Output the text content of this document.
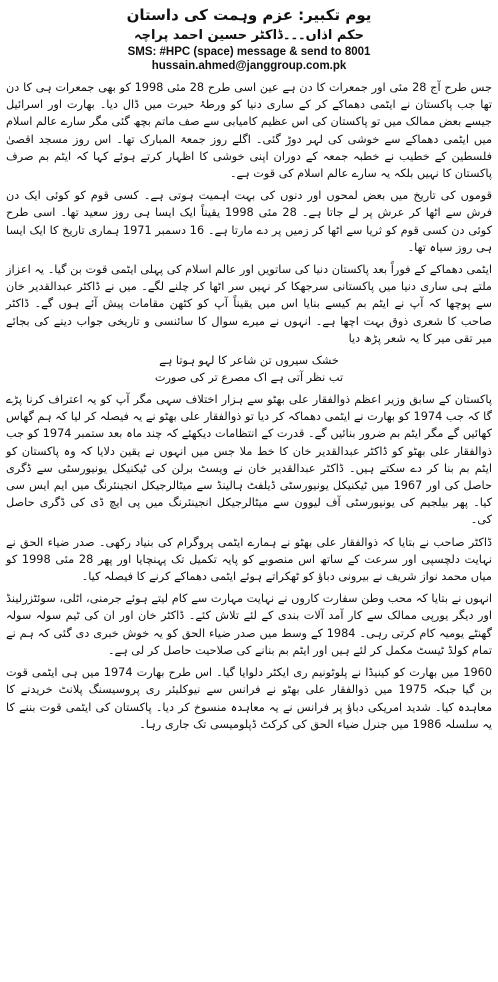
یوم تکبیر: عزم وہمت کی داستان
حکم اذاں۔۔۔ڈاکٹر حسین احمد پراچہ
SMS: #HPC (space) message & send to 8001
hussain.ahmed@janggroup.com.pk

جس طرح آج 28 مئی اور جمعرات کا دن ہے عین اسی طرح 28 مئی 1998 کو بھی جمعرات ہی کا دن تھا جب پاکستان نے ایٹمی دھماکے کر کے ساری دنیا کو ورطۂ حیرت میں ڈال دیا۔ بھارت اور اسرائیل جیسے بعض ممالک میں تو پاکستان کی اس عظیم کامیابی سے صف ماتم بچھ گئی مگر سارے عالم اسلام میں ایٹمی دھماکے سے خوشی کی لہر دوڑ گئی۔ اگلے روز جمعۃ المبارک تھا۔ اس روز مسجد اقصیٰ فلسطین کے خطیب نے خطبہ جمعہ کے دوران اپنی خوشی کا اظہار کرتے ہوئے کہا کہ ایٹم بم صرف پاکستان کا نہیں بلکہ یہ سارے عالم اسلام کی قوت ہے۔

قوموں کی تاریخ میں بعض لمحوں اور دنوں کی بہت اہمیت ہوتی ہے۔ کسی قوم کو کوئی ایک دن فرش سے اٹھا کر عرش پر لے جاتا ہے۔ 28 مئی 1998 یقیناً ایک ایسا ہی روز سعید تھا۔ اسی طرح کوئی دن کسی قوم کو ثریا سے اٹھا کر زمیں پر دے مارتا ہے۔ 16 دسمبر 1971 ہماری تاریخ کا ایک ایسا ہی روز سیاہ تھا۔

ایٹمی دھماکے کے فوراً بعد پاکستان دنیا کی ساتویں اور عالم اسلام کی پہلی ایٹمی قوت بن گیا۔ یہ اعزاز ملتے ہی ساری دنیا میں پاکستانی سرجھکا کر نہیں سر اٹھا کر چلنے لگے۔ میں نے ڈاکٹر عبدالقدیر خان سے پوچھا کہ آپ نے ایٹم بم کیسے بنایا اس میں یقیناً آپ کو کٹھن مقامات پیش آئے ہوں گے۔ ڈاکٹر صاحب کا شعری ذوق بہت اچھا ہے۔ انہوں نے میرے سوال کا سائنسی و تاریخی جواب دینے کی بجائے میر تقی میر کا یہ شعر پڑھ دیا

خشک سیروں تن شاعر کا لہو ہوتا ہے
تب نظر آتی ہے اک مصرع تر کی صورت

پاکستان کے سابق وزیر اعظم ذوالفقار علی بھٹو سے ہزار اختلاف سہی مگر آپ کو یہ اعتراف کرنا پڑے گا کہ جب 1974 کو بھارت نے ایٹمی دھماکہ کر دیا تو ذوالفقار علی بھٹو نے یہ فیصلہ کر لیا کہ ہم گھاس کھائیں گے مگر ایٹم بم ضرور بنائیں گے۔ قدرت کے انتظامات دیکھئے کہ چند ماہ بعد ستمبر 1974 کو جب ذوالفقار علی بھٹو کو ڈاکٹر عبدالقدیر خان کا خط ملا جس میں انہوں نے یقین دلایا کہ وہ پاکستان کو ایٹم بم بنا کر دے سکتے ہیں۔ ڈاکٹر عبدالقدیر خان نے ویسٹ برلن کی ٹیکنیکل یونیورسٹی سے ڈگری حاصل کی اور 1967 میں ٹیکنیکل یونیورسٹی ڈیلفٹ ہالینڈ سے میٹالرجیکل انجینئرنگ میں ایم ایس سی کیا۔ پھر بیلجیم کی یونیورسٹی آف لیوون سے میٹالرجیکل انجینئرنگ میں پی ایچ ڈی کی ڈگری حاصل کی۔

ڈاکٹر صاحب نے بتایا کہ ذوالفقار علی بھٹو نے ہمارے ایٹمی پروگرام کی بنیاد رکھی۔ صدر ضیاء الحق نے نہایت دلچسپی اور سرعت کے ساتھ اس منصوبے کو پایہ تکمیل تک پہنچایا اور پھر 28 مئی 1998 کو میاں محمد نواز شریف نے بیرونی دباؤ کو ٹھکراتے ہوئے ایٹمی دھماکے کرنے کا فیصلہ کیا۔

انہوں نے بتایا کہ محب وطن سفارت کاروں نے نہایت مہارت سے کام لیتے ہوئے جرمنی، اٹلی، سوئٹزرلینڈ اور دیگر یورپی ممالک سے کار آمد آلات بندی کے لئے تلاش کئے۔ ڈاکٹر خان اور ان کی ٹیم سولہ سولہ گھنٹے یومیہ کام کرتی رہی۔ 1984 کے وسط میں صدر ضیاء الحق کو یہ خوش خبری دی گئی کہ ہم نے تمام کولڈ ٹیسٹ مکمل کر لئے ہیں اور ایٹم بم بنانے کی صلاحیت حاصل کر لی ہے۔

1960 میں بھارت کو کینیڈا نے پلوٹونیم ری ایکٹر دلوایا گیا۔ اس طرح بھارت 1974 میں ہی ایٹمی قوت بن گیا جبکہ 1975 میں ذوالفقار علی بھٹو نے فرانس سے نیوکلیئر ری پروسیسنگ پلانٹ خریدنے کا معاہدہ کیا۔ شدید امریکی دباؤ پر فرانس نے یہ معاہدہ منسوخ کر دیا۔ پاکستان کی ایٹمی قوت بننے کا یہ سلسلہ 1986 میں جنرل ضیاء الحق کی کرکٹ ڈپلومیسی تک جاری رہا۔
